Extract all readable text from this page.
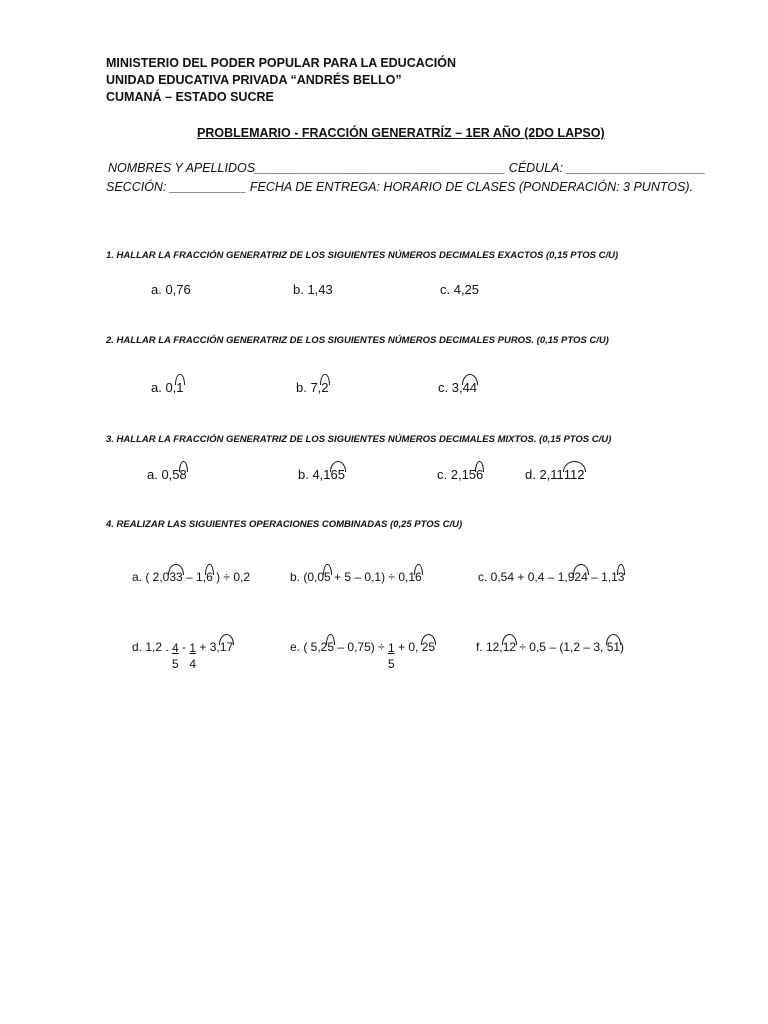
MINISTERIO DEL PODER POPULAR PARA LA EDUCACIÓN
UNIDAD EDUCATIVA PRIVADA “ANDRÉS BELLO”
CUMANÁ – ESTADO SUCRE
PROBLEMARIO - FRACCIÓN GENERATRÍZ – 1ER AÑO (2DO LAPSO)
NOMBRES Y APELLIDOS____________________________________ CÉDULA: ____________________
SECCIÓN: ___________ FECHA DE ENTREGA: HORARIO DE CLASES (PONDERACIÓN: 3 PUNTOS).
1. HALLAR LA FRACCIÓN GENERATRIZ DE LOS SIGUIENTES NÚMEROS DECIMALES EXACTOS (0,15 PTOS C/U)
a. 0,76	b. 1,43	c. 4,25
2. HALLAR LA FRACCIÓN GENERATRIZ DE LOS SIGUIENTES NÚMEROS DECIMALES PUROS. (0,15 PTOS C/U)
a. 0,1	b. 7,2	c. 3,44
3. HALLAR LA FRACCIÓN GENERATRIZ DE LOS SIGUIENTES NÚMEROS DECIMALES MIXTOS. (0,15 PTOS C/U)
a. 0,58	b. 4,165	c. 2,156	d. 2,11112
4. REALIZAR LAS SIGUIENTES OPERACIONES COMBINADAS (0,25 PTOS C/U)
a. ( 2,033 – 1,6 ) ÷ 0,2	b. (0,05 + 5 – 0,1) ÷ 0,16	c. 0,54 + 0,4 – 1,924 – 1,13
d. 1,2 . $\frac{4}{5} - \frac{1}{4} + 3,17$	e. ( $5,25 - 0,75) \div \frac{1}{5} + 0$, 25	f. 12,12 ÷ 0,5 – (1,2 – 3, 51)
